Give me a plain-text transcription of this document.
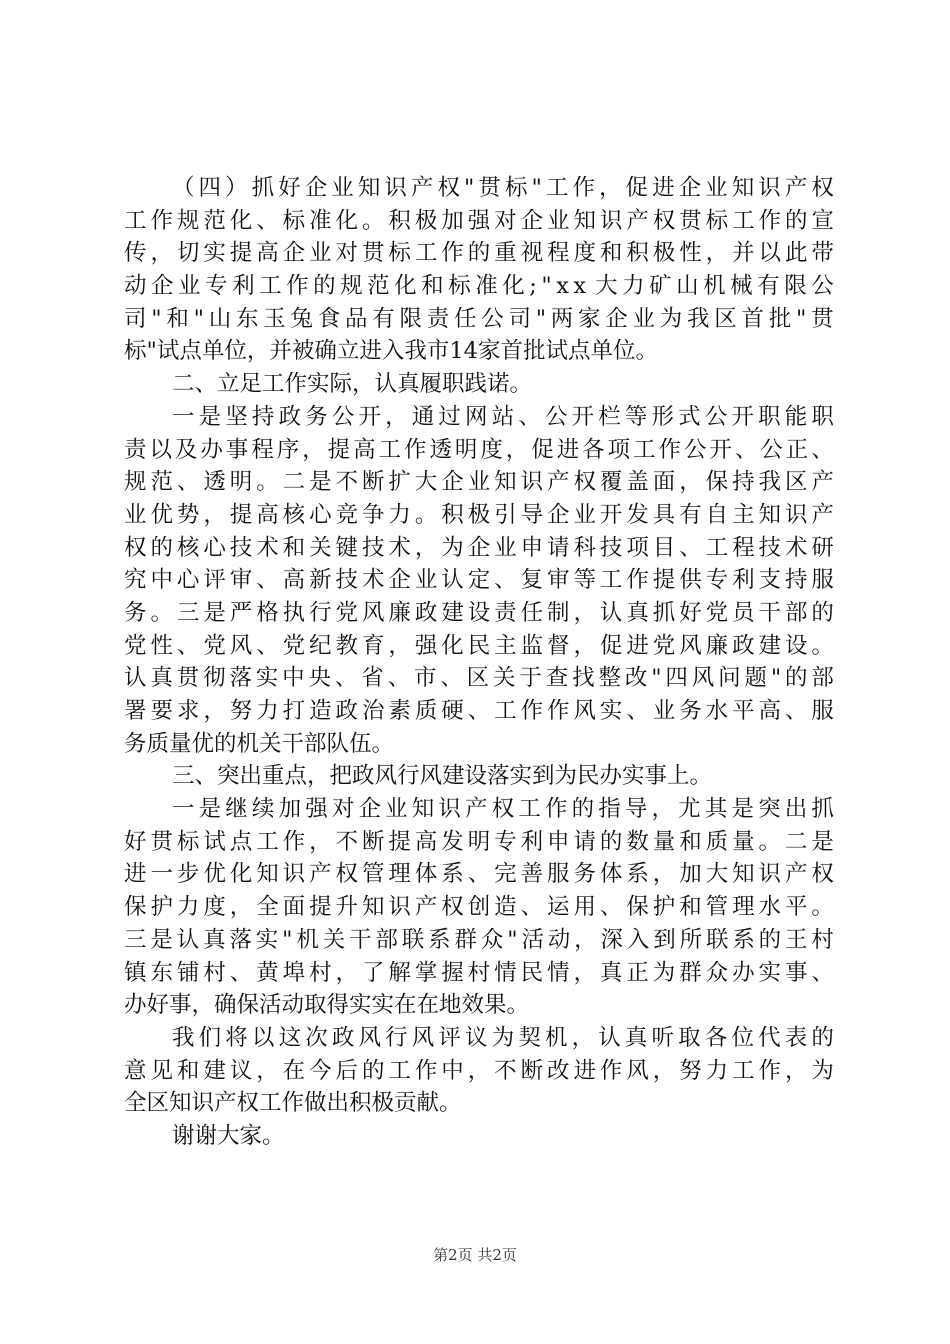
（ 四 ） 抓 好 企 业 知 识 产 权 " 贯 标 " 工 作 ， 促 进 企 业 知 识 产 权
工 作 规 范 化 、 标 准 化 。 积 极 加 强 对 企 业 知 识 产 权 贯 标 工 作 的 宣
传 ， 切 实 提 高 企 业 对 贯 标 工 作 的 重 视 程 度 和 积 极 性 ， 并 以 此 带
动 企 业 专 利 工 作 的 规 范 化 和 标 准 化 ; " x x 大 力 矿 山 机 械 有 限 公
司 " 和 " 山 东 玉 兔 食 品 有 限 责 任 公 司 " 两 家 企 业 为 我 区 首 批 " 贯
标"试点单位，并被确立进入我市14家首批试点单位。
二、立足工作实际，认真履职践诺。
一 是 坚 持 政 务 公 开 ， 通 过 网 站 、 公 开 栏 等 形 式 公 开 职 能 职
责 以 及 办 事 程 序 ， 提 高 工 作 透 明 度 ， 促 进 各 项 工 作 公 开 、 公 正 、
规 范 、 透 明 。 二 是 不 断 扩 大 企 业 知 识 产 权 覆 盖 面 ， 保 持 我 区 产
业 优 势 ， 提 高 核 心 竞 争 力 。 积 极 引 导 企 业 开 发 具 有 自 主 知 识 产
权 的 核 心 技 术 和 关 键 技 术 ， 为 企 业 申 请 科 技 项 目 、 工 程 技 术 研
究 中 心 评 审 、 高 新 技 术 企 业 认 定 、 复 审 等 工 作 提 供 专 利 支 持 服
务 。 三 是 严 格 执 行 党 风 廉 政 建 设 责 任 制 ， 认 真 抓 好 党 员 干 部 的
党 性 、 党 风 、 党 纪 教 育 ， 强 化 民 主 监 督 ， 促 进 党 风 廉 政 建 设 。
认 真 贯 彻 落 实 中 央 、 省 、 市 、 区 关 于 查 找 整 改 " 四 风 问 题 " 的 部
署 要 求 ， 努 力 打 造 政 治 素 质 硬 、 工 作 作 风 实 、 业 务 水 平 高 、 服
务质量优的机关干部队伍。
三、突出重点，把政风行风建设落实到为民办实事上。
一 是 继 续 加 强 对 企 业 知 识 产 权 工 作 的 指 导 ， 尤 其 是 突 出 抓
好 贯 标 试 点 工 作 ， 不 断 提 高 发 明 专 利 申 请 的 数 量 和 质 量 。 二 是
进 一 步 优 化 知 识 产 权 管 理 体 系 、 完 善 服 务 体 系 ， 加 大 知 识 产 权
保 护 力 度 ， 全 面 提 升 知 识 产 权 创 造 、 运 用 、 保 护 和 管 理 水 平 。
三 是 认 真 落 实 " 机 关 干 部 联 系 群 众 " 活 动 ， 深 入 到 所 联 系 的 王 村
镇 东 铺 村 、 黄 埠 村 ， 了 解 掌 握 村 情 民 情 ， 真 正 为 群 众 办 实 事 、
办好事，确保活动取得实实在在地效果。
我 们 将 以 这 次 政 风 行 风 评 议 为 契 机 ， 认 真 听 取 各 位 代 表 的
意 见 和 建 议 ， 在 今 后 的 工 作 中 ， 不 断 改 进 作 风 ， 努 力 工 作 ， 为
全区知识产权工作做出积极贡献。
谢谢大家。
第2页 共2页
